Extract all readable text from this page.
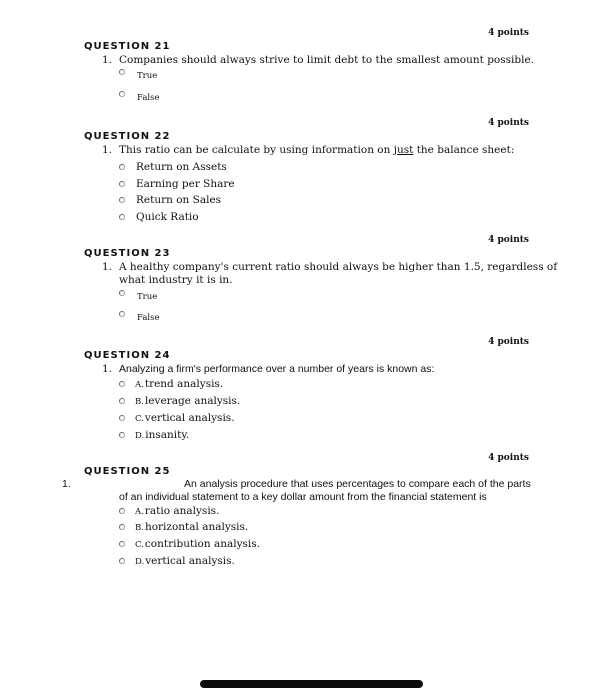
4 points
QUESTION 21
1. Companies should always strive to limit debt to the smallest amount possible.
True
False
4 points
QUESTION 22
1. This ratio can be calculate by using information on just the balance sheet:
Return on Assets
Earning per Share
Return on Sales
Quick Ratio
4 points
QUESTION 23
1. A healthy company's current ratio should always be higher than 1.5, regardless of
what industry it is in.
True
False
4 points
QUESTION 24
1. Analyzing a firm's performance over a number of years is known as:
A.trend analysis.
B.leverage analysis.
C.vertical analysis.
D.insanity.
4 points
QUESTION 25
1.	An analysis procedure that uses percentages to compare each of the parts
of an individual statement to a key dollar amount from the financial statement is
A.ratio analysis.
B.horizontal analysis.
C.contribution analysis.
D.vertical analysis.
